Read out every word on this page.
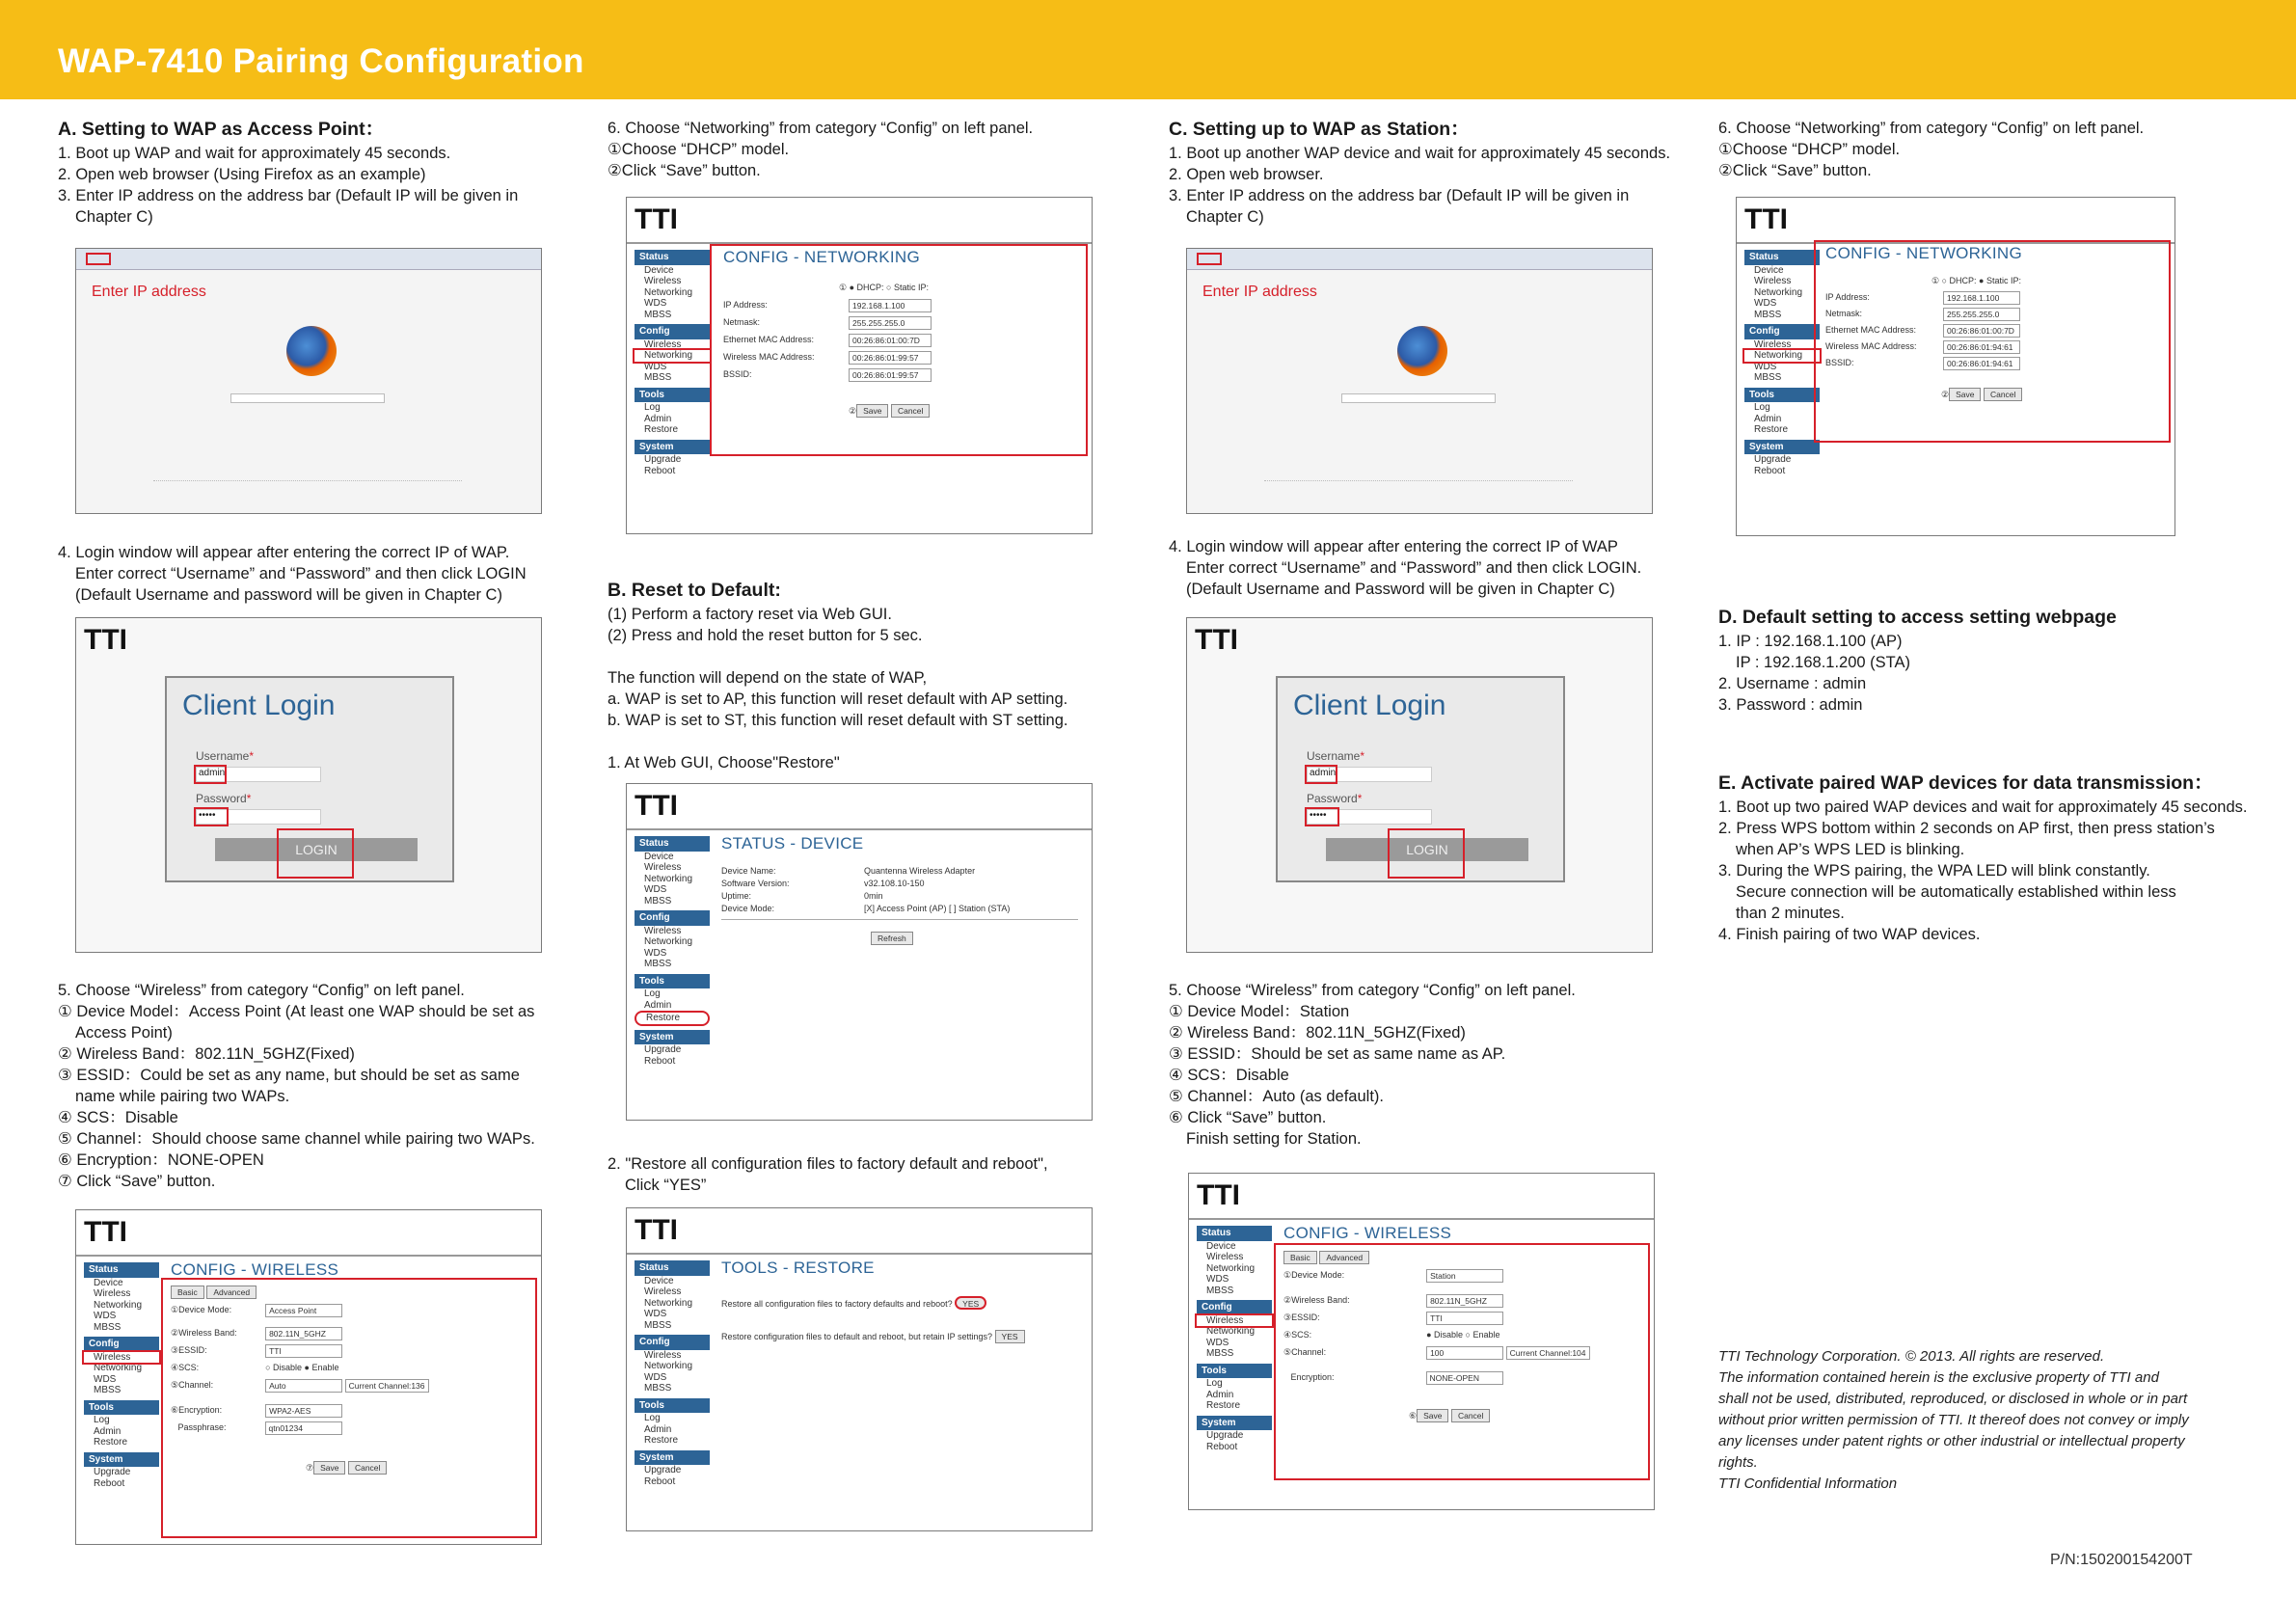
WAP-7410 Pairing Configuration
A. Setting to WAP as Access Point：
1. Boot up WAP and wait for approximately 45 seconds.
2. Open web browser (Using Firefox as an example)
3. Enter IP address on the address bar (Default IP will be given in
Chapter C)
Enter IP address
4. Login window will appear after entering the correct IP of WAP.
Enter correct “Username” and “Password” and then click LOGIN
(Default Username and password will be given in Chapter C)
TTI
Client Login
Username*
admin
Password*
•••••
LOGIN
5. Choose “Wireless” from category “Config” on left panel.
① Device Model：Access Point (At least one WAP should be set as
Access Point)
② Wireless Band：802.11N_5GHZ(Fixed)
③ ESSID：Could be set as any name, but should be set as same
name while pairing two WAPs.
④ SCS：Disable
⑤ Channel：Should choose same channel while pairing two WAPs.
⑥ Encryption：NONE-OPEN
⑦ Click “Save” button.
TTI
Status
Device
Wireless
Networking
WDS
MBSS
Config
Wireless
Networking
WDS
MBSS
Tools
Log
Admin
Restore
System
Upgrade
Reboot
CONFIG - WIRELESS
Basic Advanced
①Device Mode:	Access Point
②Wireless Band:	802.11N_5GHZ
③ESSID:	TTI
④SCS:	○ Disable ● Enable
⑤Channel:	Auto	Current Channel:136
⑥Encryption:	WPA2-AES
Passphrase:	qtn01234
⑦ Save Cancel
6. Choose “Networking” from category “Config” on left panel.
①Choose “DHCP” model.
②Click “Save” button.
TTI
Status
Device
Wireless
Networking
WDS
MBSS
Config
Wireless
Networking
WDS
MBSS
Tools
Log
Admin
Restore
System
Upgrade
Reboot
CONFIG - NETWORKING
① ● DHCP: ○ Static IP:
IP Address:	192.168.1.100
Netmask:	255.255.255.0
Ethernet MAC Address:	00:26:86:01:00:7D
Wireless MAC Address:	00:26:86:01:99:57
BSSID:	00:26:86:01:99:57
② Save Cancel
B. Reset to Default:
(1) Perform a factory reset via Web GUI.
(2) Press and hold the reset button for 5 sec.
The function will depend on the state of WAP,
a. WAP is set to AP, this function will reset default with AP setting.
b. WAP is set to ST, this function will reset default with ST setting.
1. At Web GUI, Choose"Restore"
TTI
Status
Device
Wireless
Networking
WDS
MBSS
Config
Wireless
Networking
WDS
MBSS
Tools
Log
Admin
Restore
System
Upgrade
Reboot
STATUS - DEVICE
Device Name:	Quantenna Wireless Adapter
Software Version:	v32.108.10-150
Uptime:	0min
Device Mode:	[X] Access Point (AP) [ ] Station (STA)
Refresh
2. "Restore all configuration files to factory default and reboot",
Click “YES”
TTI
Status
Device
Wireless
Networking
WDS
MBSS
Config
Wireless
Networking
WDS
MBSS
Tools
Log
Admin
Restore
System
Upgrade
Reboot
TOOLS - RESTORE
Restore all configuration files to factory defaults and reboot? YES
Restore configuration files to default and reboot, but retain IP settings? YES
C. Setting up to WAP as Station：
1. Boot up another WAP device and wait for approximately 45 seconds.
2. Open web browser.
3. Enter IP address on the address bar (Default IP will be given in
Chapter C)
Enter IP address
4. Login window will appear after entering the correct IP of WAP
Enter correct “Username” and “Password” and then click LOGIN.
(Default Username and Password will be given in Chapter C)
TTI
Client Login
Username*
admin
Password*
•••••
LOGIN
5. Choose “Wireless” from category “Config” on left panel.
① Device Model：Station
② Wireless Band：802.11N_5GHZ(Fixed)
③ ESSID：Should be set as same name as AP.
④ SCS：Disable
⑤ Channel：Auto (as default).
⑥ Click “Save” button.
Finish setting for Station.
TTI
Status
Device
Wireless
Networking
WDS
MBSS
Config
Wireless
Networking
WDS
MBSS
Tools
Log
Admin
Restore
System
Upgrade
Reboot
CONFIG - WIRELESS
Basic Advanced
①Device Mode:	Station
②Wireless Band:	802.11N_5GHZ
③ESSID:	TTI
④SCS:	● Disable ○ Enable
⑤Channel:	100	Current Channel:104
Encryption:	NONE-OPEN
⑥ Save Cancel
6. Choose “Networking” from category “Config” on left panel.
①Choose “DHCP” model.
②Click “Save” button.
TTI
Status
Device
Wireless
Networking
WDS
MBSS
Config
Wireless
Networking
WDS
MBSS
Tools
Log
Admin
Restore
System
Upgrade
Reboot
CONFIG - NETWORKING
① ○ DHCP: ● Static IP:
IP Address:	192.168.1.100
Netmask:	255.255.255.0
Ethernet MAC Address:	00:26:86:01:00:7D
Wireless MAC Address:	00:26:86:01:94:61
BSSID:	00:26:86:01:94:61
② Save Cancel
D. Default setting to access setting webpage
1. IP : 192.168.1.100 (AP)
IP : 192.168.1.200 (STA)
2. Username : admin
3. Password : admin
E. Activate paired WAP devices for data transmission：
1. Boot up two paired WAP devices and wait for approximately 45 seconds.
2. Press WPS bottom within 2 seconds on AP first, then press station’s
when AP’s WPS LED is blinking.
3. During the WPS pairing, the WPA LED will blink constantly.
Secure connection will be automatically established within less
than 2 minutes.
4. Finish pairing of two WAP devices.
TTI Technology Corporation. © 2013. All rights are reserved.
The information contained herein is the exclusive property of TTI and
shall not be used, distributed, reproduced, or disclosed in whole or in part
without prior written permission of TTI. It thereof does not convey or imply
any licenses under patent rights or other industrial or intellectual property
rights.
TTI Confidential Information
P/N:150200154200T
